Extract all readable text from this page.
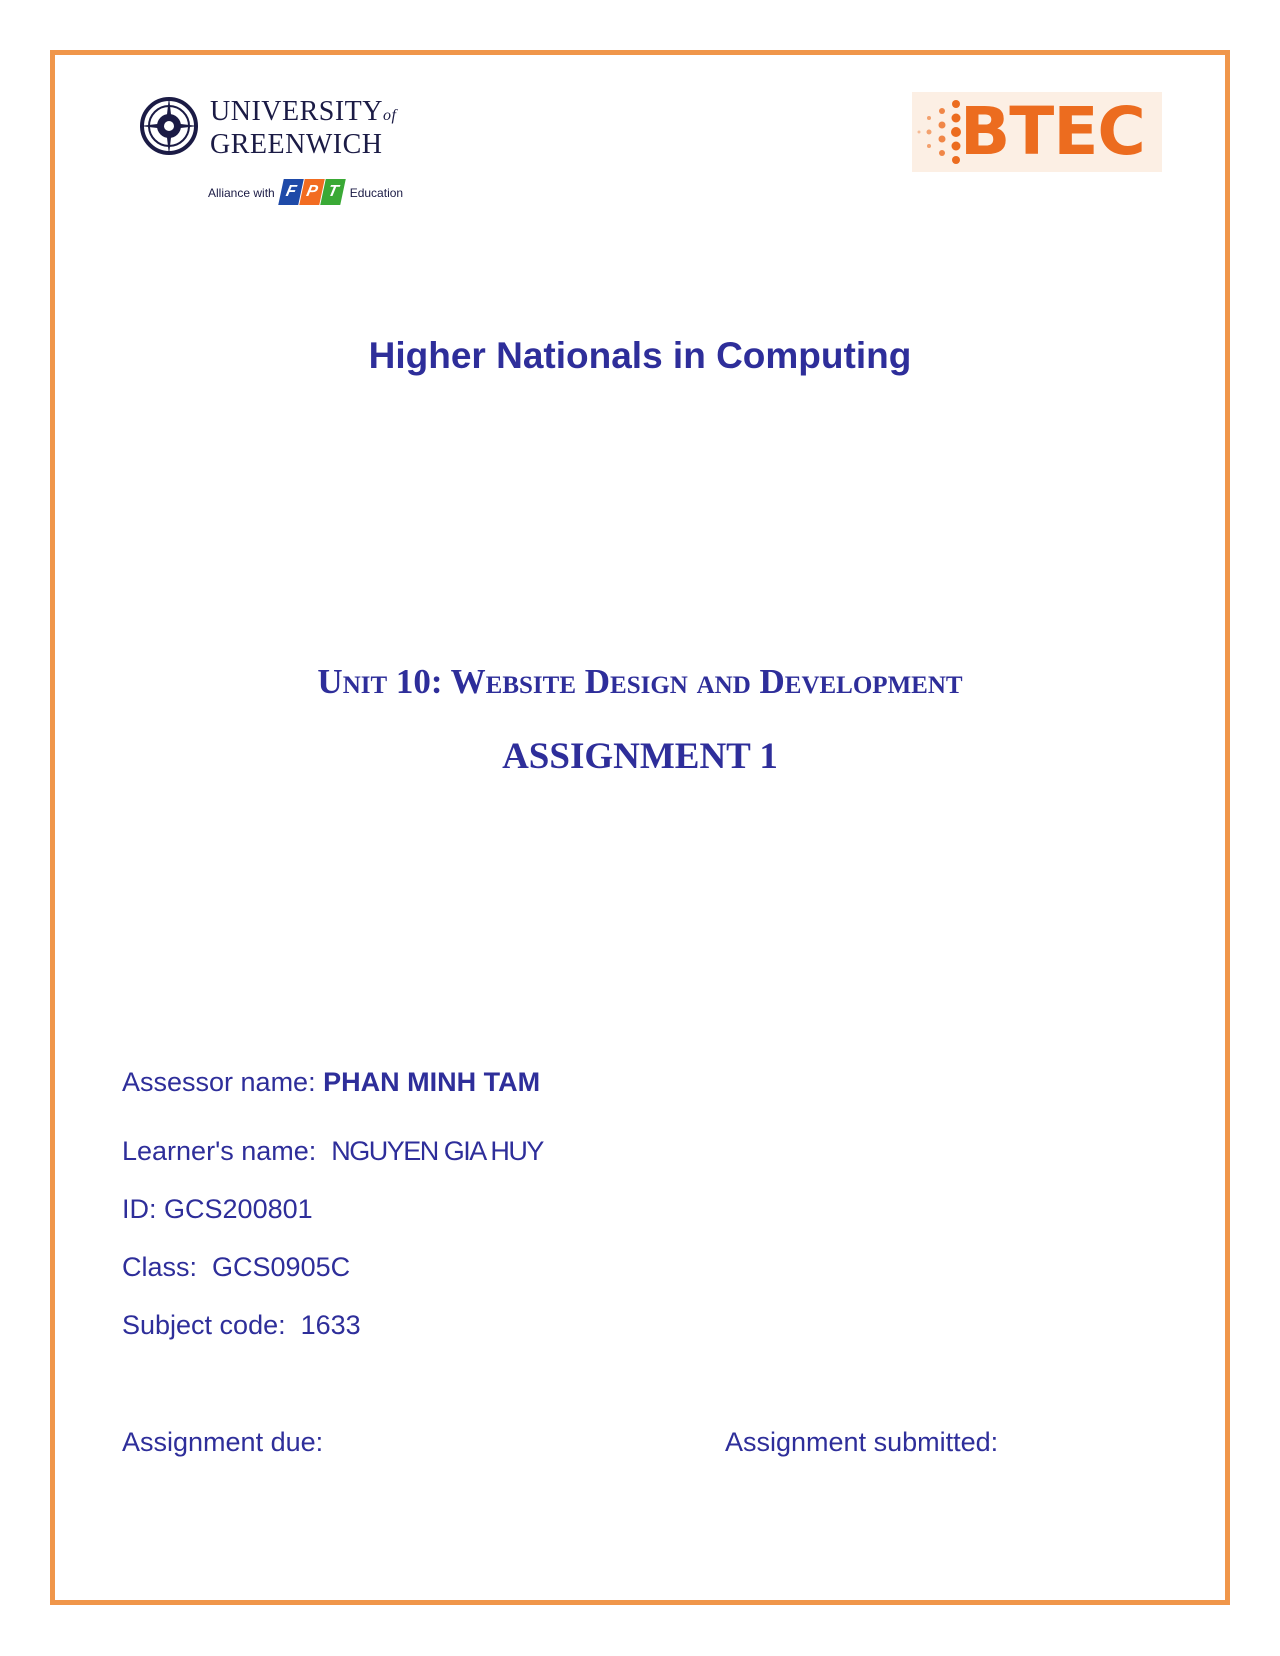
UNIVERSITYof
GREENWICH
Alliance with F P T Education
BTEC
Higher Nationals in Computing
Unit 10: Website Design and Development
ASSIGNMENT 1
Assessor name: PHAN MINH TAM
Learner's name: NGUYEN GIA HUY
ID: GCS200801
Class: GCS0905C
Subject code: 1633
Assignment due:	Assignment submitted:
